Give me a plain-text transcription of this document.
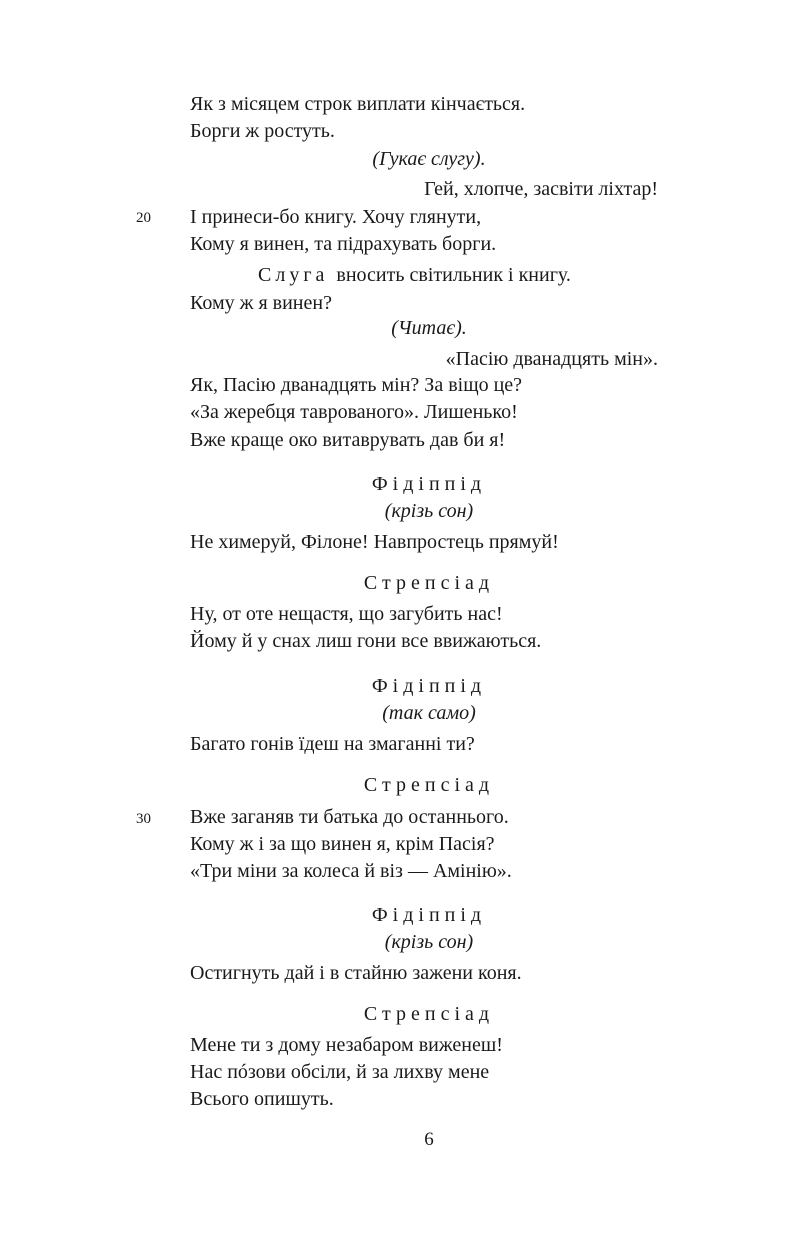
Як з місяцем строк виплати кінчається.
Борги ж ростуть.
(Гукає слугу).
Гей, хлопче, засвіти ліхтар!
20 І принеси-бо книгу. Хочу глянути,
Кому я винен, та підрахувать борги.
Слуга вносить світильник і книгу.
Кому ж я винен?
(Читає).
«Пасію дванадцять мін».
Як, Пасію дванадцять мін? За віщо це?
«За жеребця таврованого». Лишенько!
Вже краще око витаврувать дав би я!
Фідіппід
(крізь сон)
Не химеруй, Філоне! Навпростець прямуй!
Стрепсіад
Ну, от оте нещастя, що загубить нас!
Йому й у снах лиш гони все ввижаються.
Фідіппід
(так само)
Багато гонів їдеш на змаганні ти?
Стрепсіад
30 Вже заганяв ти батька до останнього.
Кому ж і за що винен я, крім Пасія?
«Три міни за колеса й віз — Амінію».
Фідіппід
(крізь сон)
Остигнуть дай і в стайню зажени коня.
Стрепсіад
Мене ти з дому незабаром виженеш!
Нас пóзови обсіли, й за лихву мене
Всього опишуть.
6
